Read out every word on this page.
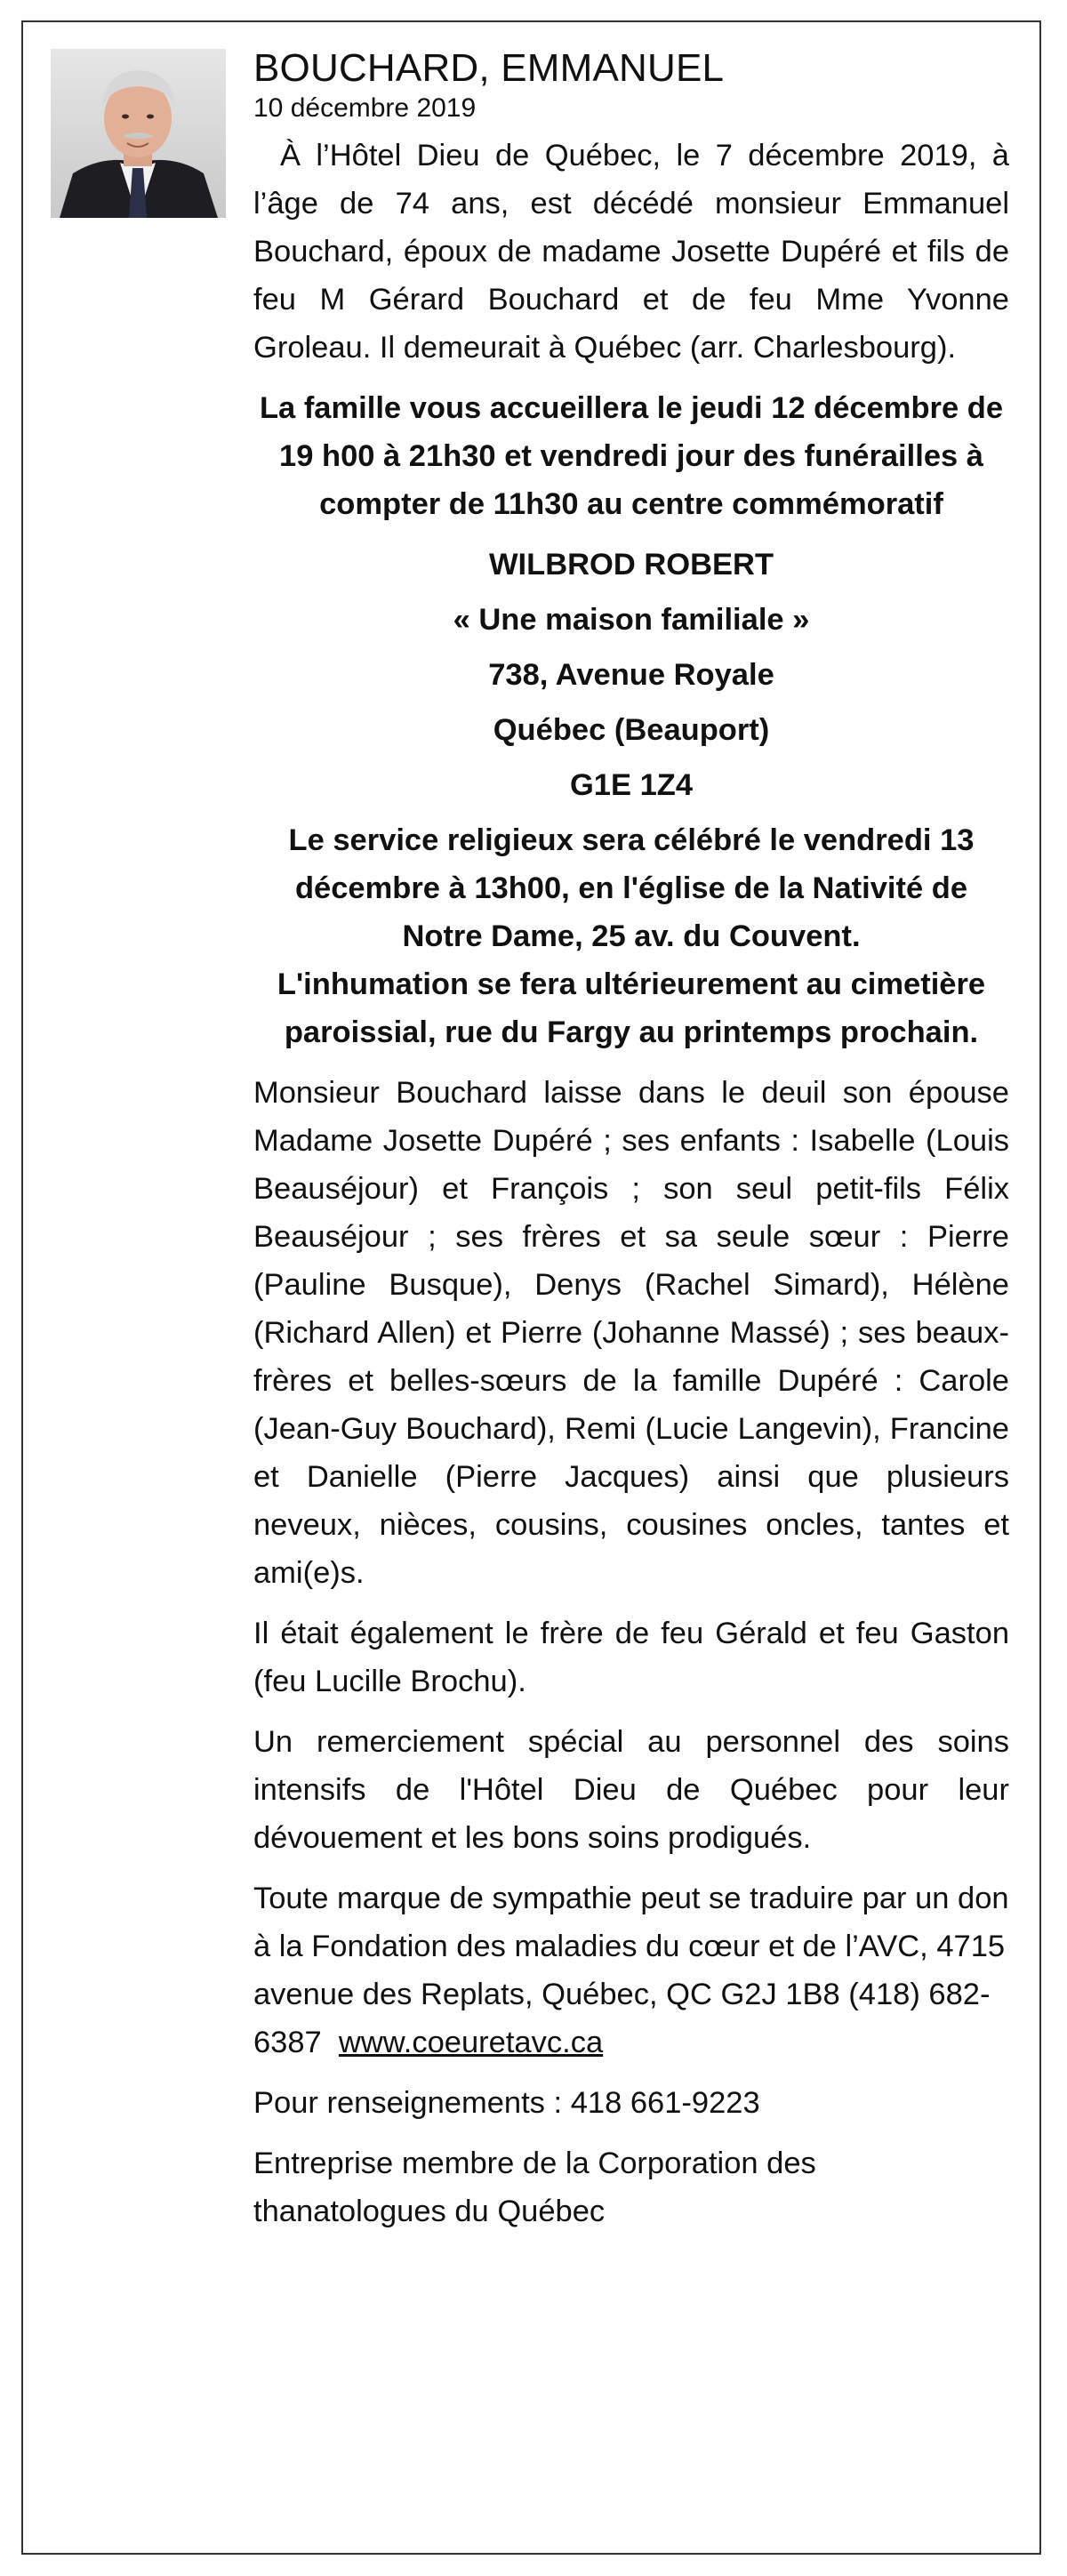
BOUCHARD, EMMANUEL
10 décembre 2019

À l’Hôtel Dieu de Québec, le 7 décembre 2019, à l’âge de 74 ans, est décédé monsieur Emmanuel Bouchard, époux de madame Josette Dupéré et fils de feu M Gérard Bouchard et de feu Mme Yvonne Groleau. Il demeurait à Québec (arr. Charlesbourg).

La famille vous accueillera le jeudi 12 décembre de 19 h00 à 21h30 et vendredi jour des funérailles à compter de 11h30 au centre commémoratif

WILBROD ROBERT

« Une maison familiale »

738, Avenue Royale

Québec (Beauport)

G1E 1Z4

Le service religieux sera célébré le vendredi 13 décembre à 13h00, en l'église de la Nativité de Notre Dame, 25 av. du Couvent.

L'inhumation se fera ultérieurement au cimetière paroissial, rue du Fargy au printemps prochain.

Monsieur Bouchard laisse dans le deuil son épouse Madame Josette Dupéré ; ses enfants : Isabelle (Louis Beauséjour) et François ; son seul petit-fils Félix Beauséjour ; ses frères et sa seule sœur : Pierre (Pauline Busque), Denys (Rachel Simard), Hélène (Richard Allen) et Pierre (Johanne Massé) ; ses beaux-frères et belles-sœurs de la famille Dupéré : Carole (Jean-Guy Bouchard), Remi (Lucie Langevin), Francine et Danielle (Pierre Jacques) ainsi que plusieurs neveux, nièces, cousins, cousines oncles, tantes et ami(e)s.

Il était également le frère de feu Gérald et feu Gaston (feu Lucille Brochu).

Un remerciement spécial au personnel des soins intensifs de l'Hôtel Dieu de Québec pour leur dévouement et les bons soins prodigués.

Toute marque de sympathie peut se traduire par un don à la Fondation des maladies du cœur et de l’AVC, 4715 avenue des Replats, Québec, QC G2J 1B8 (418) 682-6387 www.coeuretavc.ca

Pour renseignements : 418 661-9223

Entreprise membre de la Corporation des thanatologues du Québec
